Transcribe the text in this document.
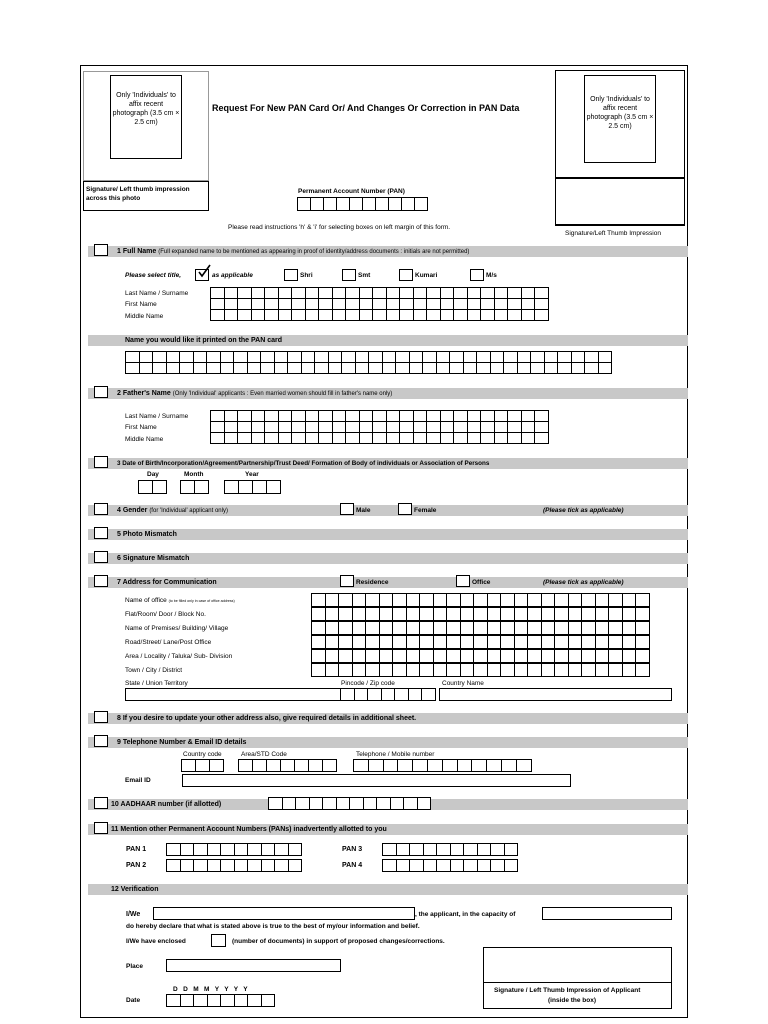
Only 'Individuals' to affix recent photograph (3.5 cm × 2.5 cm)
Request For New PAN Card Or/ And Changes Or Correction in PAN Data
Only 'Individuals' to affix recent photograph (3.5 cm × 2.5 cm)
Signature/ Left thumb impression across this photo
Signature/Left Thumb Impression
Permanent Account Number (PAN)
Please read instructions 'h' & 'i' for selecting boxes on left margin of this form.
1 Full Name (Full expanded name to be mentioned as appearing in proof of identity/address documents : initials are not permitted)
Please select title,	as applicable	Shri	Smt	Kumari	M/s
Last Name / Surname
First Name
Middle Name
Name you would like it printed on the PAN card
2 Father's Name (Only 'Individual' applicants : Even married women should fill in father's name only)
Last Name / Surname
First Name
Middle Name
3 Date of Birth/Incorporation/Agreement/Partnership/Trust Deed/ Formation of Body of individuals or Association of Persons
Day	Month	Year
4 Gender (for 'Individual' applicant only)	Male	Female	(Please tick as applicable)
5 Photo Mismatch
6 Signature Mismatch
7 Address for Communication	Residence	Office	(Please tick as applicable)
Name of office (to be filled only in case of office address)
Flat/Room/ Door / Block No.
Name of Premises/ Building/ Village
Road/Street/ Lane/Post Office
Area / Locality / Taluka/ Sub- Division
Town / City / District
State / Union Territory	Pincode / Zip code	Country Name
8 If you desire to update your other address also, give required details in additional sheet.
9 Telephone Number & Email ID details
Country code	Area/STD Code	Telephone / Mobile number
Email ID
10 AADHAAR number (if allotted)
11 Mention other Permanent Account Numbers (PANs) inadvertently allotted to you
PAN 1
PAN 2
PAN 3
PAN 4
12 Verification
I/We	, the applicant, in the capacity of
do hereby declare that what is stated above is true to the best of my/our information and belief.
I/We have enclosed	(number of documents) in support of proposed changes/corrections.
Place
Signature / Left Thumb Impression of Applicant
(inside the box)
D D M M Y Y Y Y
Date
